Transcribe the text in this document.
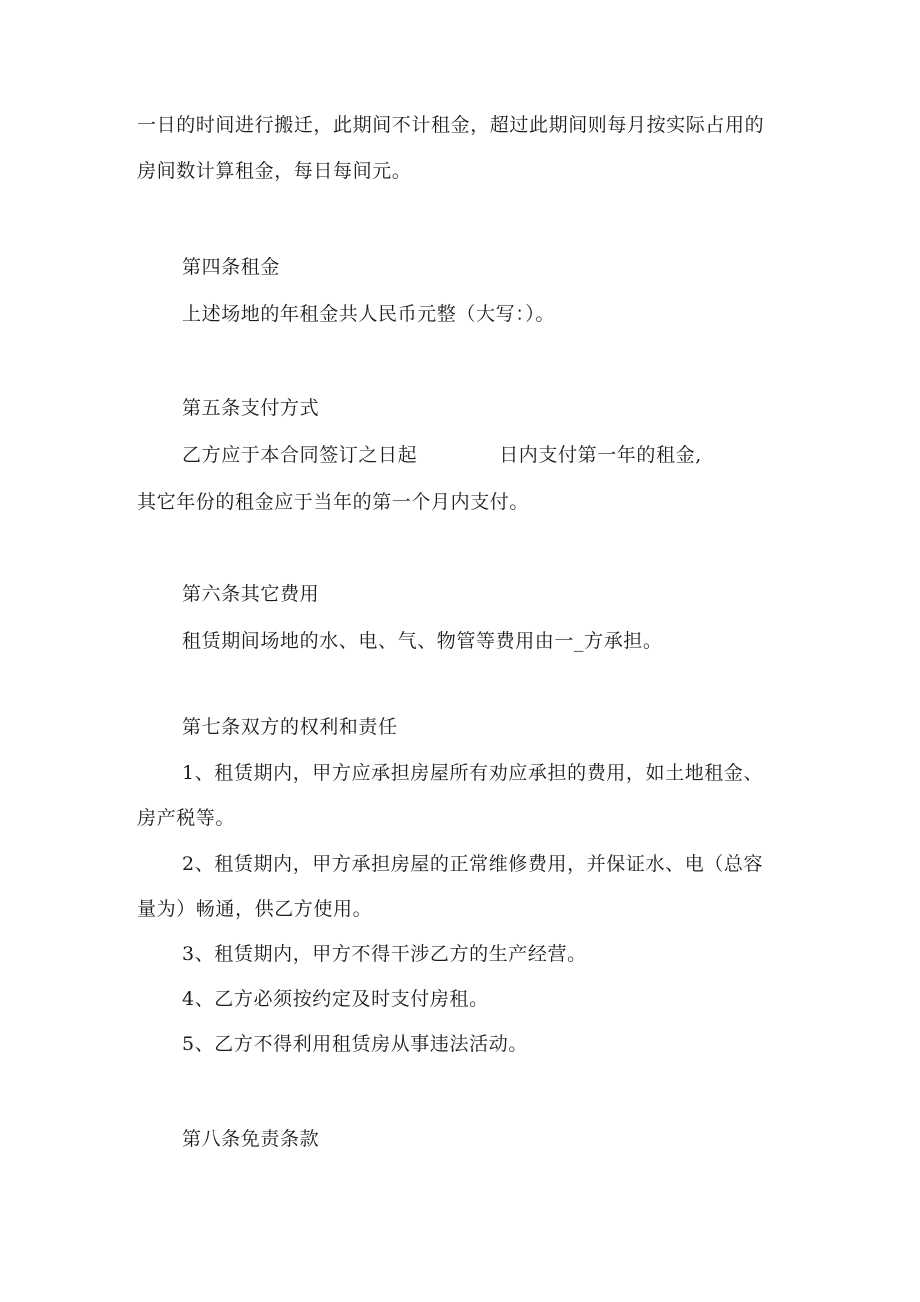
一日的时间进行搬迁，此期间不计租金，超过此期间则每月按实际占用的
房间数计算租金，每日每间元。
第四条租金
上述场地的年租金共人民币元整（大写：）。
第五条支付方式
乙方应于本合同签订之日起	日内支付第一年的租金,
其它年份的租金应于当年的第一个月内支付。
第六条其它费用
租赁期间场地的水、电、气、物管等费用由一_方承担。
第七条双方的权利和责任
1、租赁期内，甲方应承担房屋所有劝应承担的费用，如土地租金、
房产税等。
2、租赁期内，甲方承担房屋的正常维修费用，并保证水、电（总容
量为）畅通，供乙方使用。
3、租赁期内，甲方不得干涉乙方的生产经营。
4、乙方必须按约定及时支付房租。
5、乙方不得利用租赁房从事违法活动。
第八条免责条款
